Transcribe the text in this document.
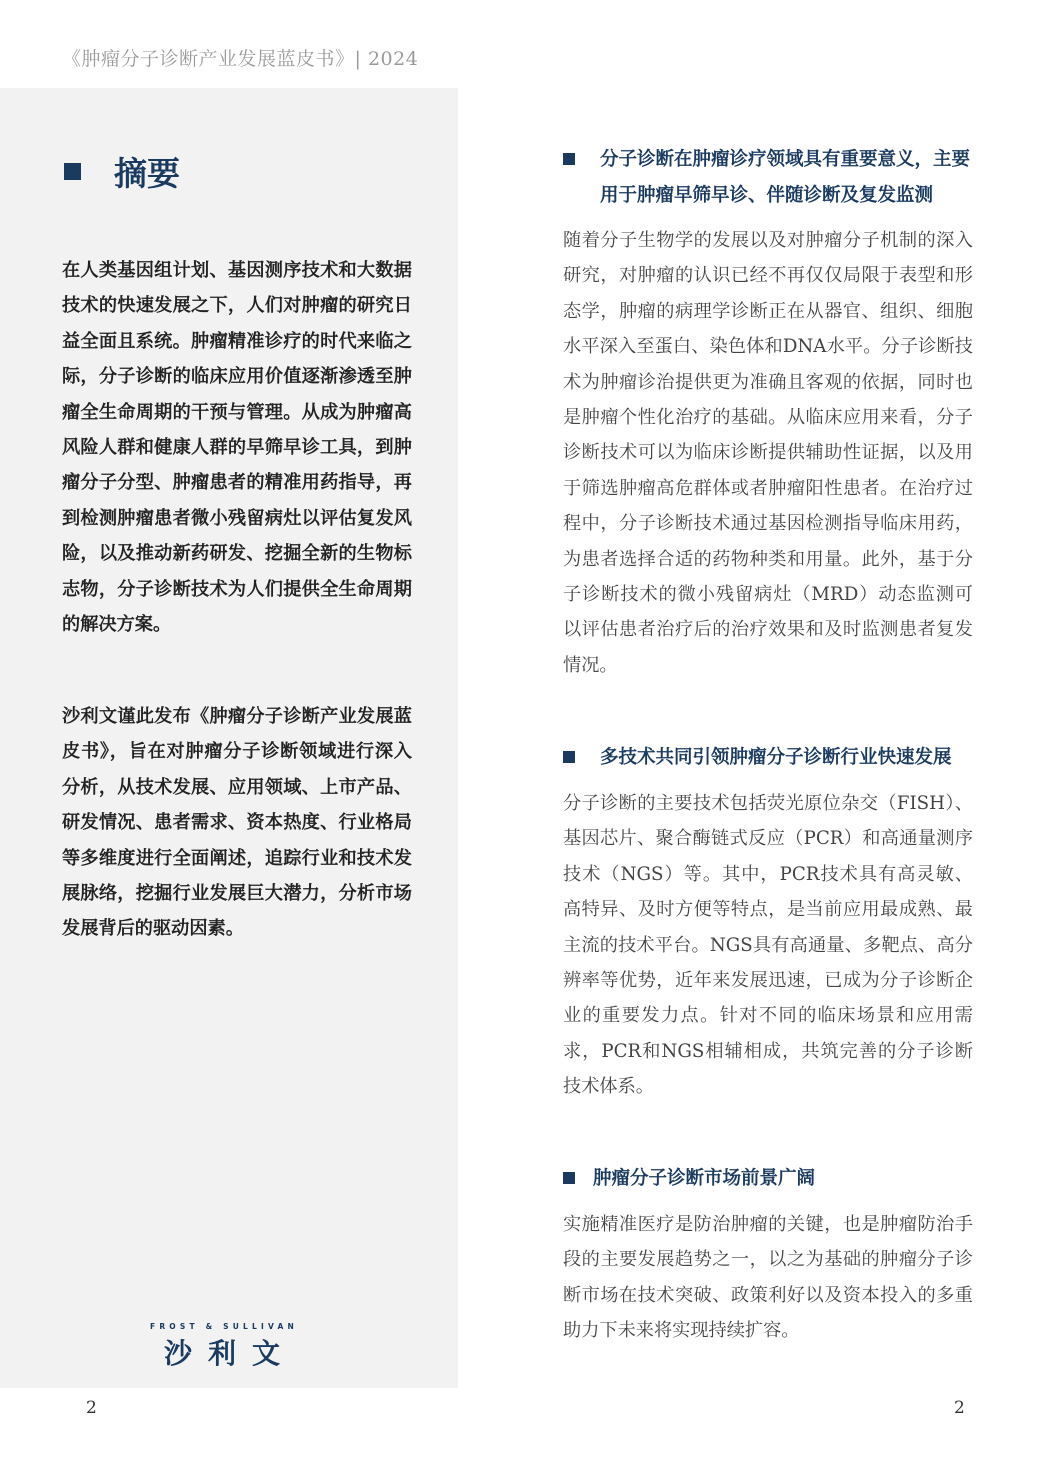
《肿瘤分子诊断产业发展蓝皮书》| 2024
摘要
在人类基因组计划、基因测序技术和大数据技术的快速发展之下，人们对肿瘤的研究日益全面且系统。肿瘤精准诊疗的时代来临之际，分子诊断的临床应用价值逐渐渗透至肿瘤全生命周期的干预与管理。从成为肿瘤高风险人群和健康人群的早筛早诊工具，到肿瘤分子分型、肿瘤患者的精准用药指导，再到检测肿瘤患者微小残留病灶以评估复发风险，以及推动新药研发、挖掘全新的生物标志物，分子诊断技术为人们提供全生命周期的解决方案。
沙利文谨此发布《肿瘤分子诊断产业发展蓝皮书》，旨在对肿瘤分子诊断领域进行深入分析，从技术发展、应用领域、上市产品、研发情况、患者需求、资本热度、行业格局等多维度进行全面阐述，追踪行业和技术发展脉络，挖掘行业发展巨大潜力，分析市场发展背后的驱动因素。
FROST & SULLIVAN
沙利文
分子诊断在肿瘤诊疗领域具有重要意义，主要用于肿瘤早筛早诊、伴随诊断及复发监测
随着分子生物学的发展以及对肿瘤分子机制的深入研究，对肿瘤的认识已经不再仅仅局限于表型和形态学，肿瘤的病理学诊断正在从器官、组织、细胞水平深入至蛋白、染色体和DNA水平。分子诊断技术为肿瘤诊治提供更为准确且客观的依据，同时也是肿瘤个性化治疗的基础。从临床应用来看，分子诊断技术可以为临床诊断提供辅助性证据，以及用于筛选肿瘤高危群体或者肿瘤阳性患者。在治疗过程中，分子诊断技术通过基因检测指导临床用药，为患者选择合适的药物种类和用量。此外，基于分子诊断技术的微小残留病灶（MRD）动态监测可以评估患者治疗后的治疗效果和及时监测患者复发情况。
多技术共同引领肿瘤分子诊断行业快速发展
分子诊断的主要技术包括荧光原位杂交（FISH）、基因芯片、聚合酶链式反应（PCR）和高通量测序技术（NGS）等。其中，PCR技术具有高灵敏、高特异、及时方便等特点，是当前应用最成熟、最主流的技术平台。NGS具有高通量、多靶点、高分辨率等优势，近年来发展迅速，已成为分子诊断企业的重要发力点。针对不同的临床场景和应用需求，PCR和NGS相辅相成，共筑完善的分子诊断技术体系。
肿瘤分子诊断市场前景广阔
实施精准医疗是防治肿瘤的关键，也是肿瘤防治手段的主要发展趋势之一，以之为基础的肿瘤分子诊断市场在技术突破、政策利好以及资本投入的多重助力下未来将实现持续扩容。
2	2
